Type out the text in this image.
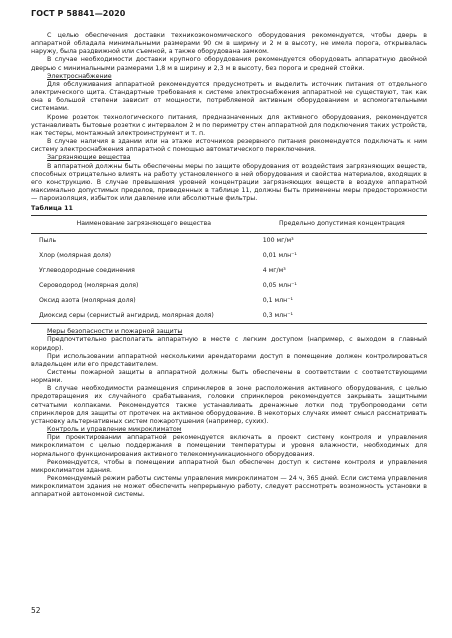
ГОСТ Р 58841—2020

С целью обеспечения доставки техникоэкономического оборудования рекомендуется, чтобы дверь в аппаратной обладала минимальными размерами 90 см в ширину и 2 м в высоту, не имела порога, открывалась наружу, была раздвижной или съемной, а также оборудована замком.

В случае необходимости доставки крупного оборудования рекомендуется оборудовать аппаратную двойной дверью с минимальными размерами 1,8 м в ширину и 2,3 м в высоту, без порога и средней стойки.

Электроснабжение

Для обслуживания аппаратной рекомендуется предусмотреть и выделить источник питания от отдельного электрического щита. Стандартные требования к системе электроснабжения аппаратной не существуют, так как она в большой степени зависит от мощности, потребляемой активным оборудованием и вспомогательными системами.

Кроме розеток технологического питания, предназначенных для активного оборудования, рекомендуется устанавливать бытовые розетки с интервалом 2 м по периметру стен аппаратной для подключения таких устройств, как тестеры, монтажный электроинструмент и т. п.

В случае наличия в здании или на этаже источников резервного питания рекомендуется подключать к ним систему электроснабжения аппаратной с помощью автоматического переключения.

Загрязняющие вещества

В аппаратной должны быть обеспечены меры по защите оборудования от воздействия загрязняющих веществ, способных отрицательно влиять на работу установленного в ней оборудования и свойства материалов, входящих в его конструкцию. В случае превышения уровней концентрации загрязняющих веществ в воздухе аппаратной максимально допустимых пределов, приведенных в таблице 11, должны быть применены меры предосторожности — пароизоляция, избыток или давление или абсолютные фильтры.

Таблица 11
Наименование загрязняющего вещества	Предельно допустимая концентрация
Пыль	100 мг/м³
Хлор (молярная доля)	0,01 млн⁻¹
Углеводородные соединения	4 мг/м³
Сероводород (молярная доля)	0,05 млн⁻¹
Оксид азота (молярная доля)	0,1 млн⁻¹
Диоксид серы (сернистый ангидрид, молярная доля)	0,3 млн⁻¹

Меры безопасности и пожарной защиты

Предпочтительно располагать аппаратную в месте с легким доступом (например, с выходом в главный коридор).

При использовании аппаратной несколькими арендаторами доступ в помещение должен контролироваться владельцем или его представителем.

Системы пожарной защиты в аппаратной должны быть обеспечены в соответствии с соответствующими нормами.

В случае необходимости размещения спринклеров в зоне расположения активного оборудования, с целью предотвращения их случайного срабатывания, головки спринклеров рекомендуется закрывать защитными сетчатыми колпаками. Рекомендуется также устанавливать дренажные лотки под трубопроводами сети спринклеров для защиты от протечек на активное оборудование. В некоторых случаях имеет смысл рассматривать установку альтернативных систем пожаротушения (например, сухих).

Контроль и управление микроклиматом

При проектировании аппаратной рекомендуется включать в проект систему контроля и управления микроклиматом с целью поддержания в помещении температуры и уровня влажности, необходимых для нормального функционирования активного телекоммуникационного оборудования.

Рекомендуется, чтобы в помещении аппаратной был обеспечен доступ к системе контроля и управления микроклиматом здания.

Рекомендуемый режим работы системы управления микроклиматом — 24 ч, 365 дней. Если система управления микроклиматом здания не может обеспечить непрерывную работу, следует рассмотреть возможность установки в аппаратной автономной системы.

52
